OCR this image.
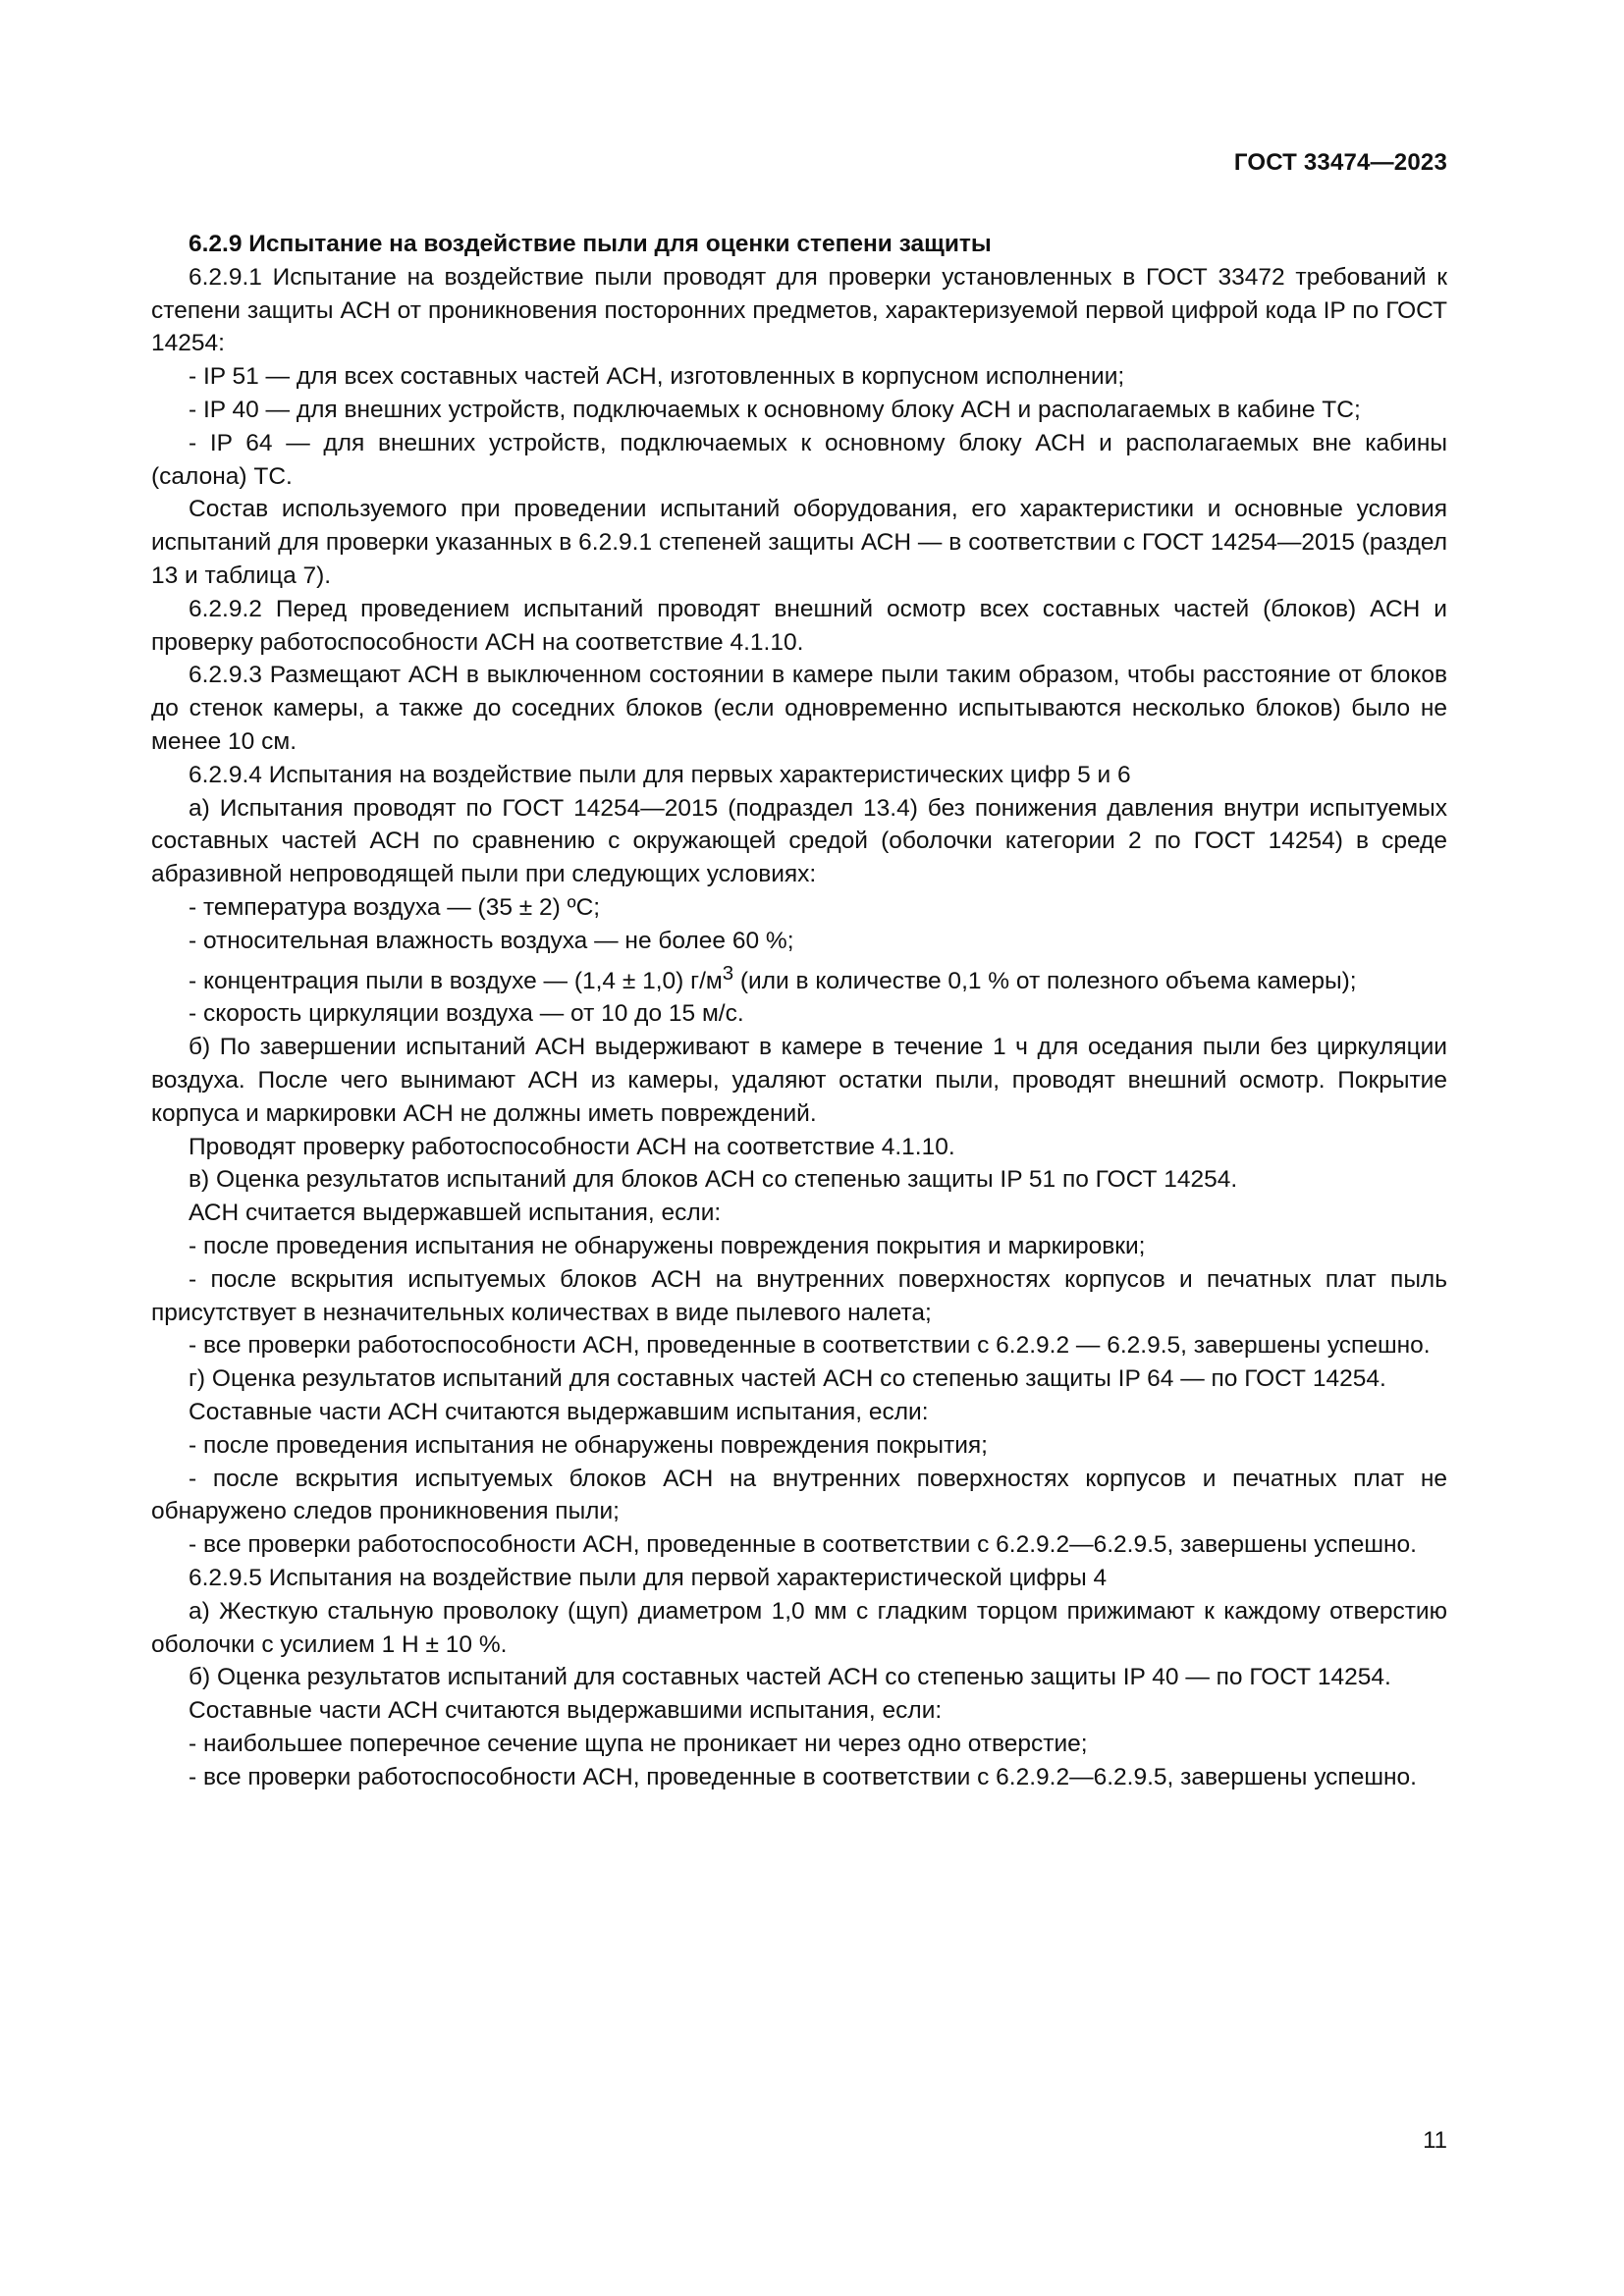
ГОСТ 33474—2023

6.2.9 Испытание на воздействие пыли для оценки степени защиты

6.2.9.1 Испытание на воздействие пыли проводят для проверки установленных в ГОСТ 33472 требований к степени защиты АСН от проникновения посторонних предметов, характеризуемой первой цифрой кода IP по ГОСТ 14254:

- IP 51 — для всех составных частей АСН, изготовленных в корпусном исполнении;

- IP 40 — для внешних устройств, подключаемых к основному блоку АСН и располагаемых в кабине ТС;

- IP 64 — для внешних устройств, подключаемых к основному блоку АСН и располагаемых вне кабины (салона) ТС.

Состав используемого при проведении испытаний оборудования, его характеристики и основные условия испытаний для проверки указанных в 6.2.9.1 степеней защиты АСН — в соответствии с ГОСТ 14254—2015 (раздел 13 и таблица 7).

6.2.9.2 Перед проведением испытаний проводят внешний осмотр всех составных частей (блоков) АСН и проверку работоспособности АСН на соответствие 4.1.10.

6.2.9.3 Размещают АСН в выключенном состоянии в камере пыли таким образом, чтобы расстояние от блоков до стенок камеры, а также до соседних блоков (если одновременно испытываются несколько блоков) было не менее 10 см.

6.2.9.4 Испытания на воздействие пыли для первых характеристических цифр 5 и 6

а) Испытания проводят по ГОСТ 14254—2015 (подраздел 13.4) без понижения давления внутри испытуемых составных частей АСН по сравнению с окружающей средой (оболочки категории 2 по ГОСТ 14254) в среде абразивной непроводящей пыли при следующих условиях:

- температура воздуха — (35 ± 2) ºC;

- относительная влажность воздуха — не более 60 %;

- концентрация пыли в воздухе — (1,4 ± 1,0) $г/м^3$ (или в количестве 0,1 % от полезного объема камеры);

- скорость циркуляции воздуха — от 10 до 15 м/с.

б) По завершении испытаний АСН выдерживают в камере в течение 1 ч для оседания пыли без циркуляции воздуха. После чего вынимают АСН из камеры, удаляют остатки пыли, проводят внешний осмотр. Покрытие корпуса и маркировки АСН не должны иметь повреждений.

Проводят проверку работоспособности АСН на соответствие 4.1.10.

в) Оценка результатов испытаний для блоков АСН со степенью защиты IP 51 по ГОСТ 14254.

АСН считается выдержавшей испытания, если:

- после проведения испытания не обнаружены повреждения покрытия и маркировки;

- после вскрытия испытуемых блоков АСН на внутренних поверхностях корпусов и печатных плат пыль присутствует в незначительных количествах в виде пылевого налета;

- все проверки работоспособности АСН, проведенные в соответствии с 6.2.9.2 — 6.2.9.5, завершены успешно.

г) Оценка результатов испытаний для составных частей АСН со степенью защиты IP 64 — по ГОСТ 14254.

Составные части АСН считаются выдержавшим испытания, если:

- после проведения испытания не обнаружены повреждения покрытия;

- после вскрытия испытуемых блоков АСН на внутренних поверхностях корпусов и печатных плат не обнаружено следов проникновения пыли;

- все проверки работоспособности АСН, проведенные в соответствии с 6.2.9.2—6.2.9.5, завершены успешно.

6.2.9.5 Испытания на воздействие пыли для первой характеристической цифры 4

а) Жесткую стальную проволоку (щуп) диаметром 1,0 мм с гладким торцом прижимают к каждому отверстию оболочки с усилием 1 Н ± 10 %.

б) Оценка результатов испытаний для составных частей АСН со степенью защиты IP 40 — по ГОСТ 14254.

Составные части АСН считаются выдержавшими испытания, если:

- наибольшее поперечное сечение щупа не проникает ни через одно отверстие;

- все проверки работоспособности АСН, проведенные в соответствии с 6.2.9.2—6.2.9.5, завершены успешно.

11
